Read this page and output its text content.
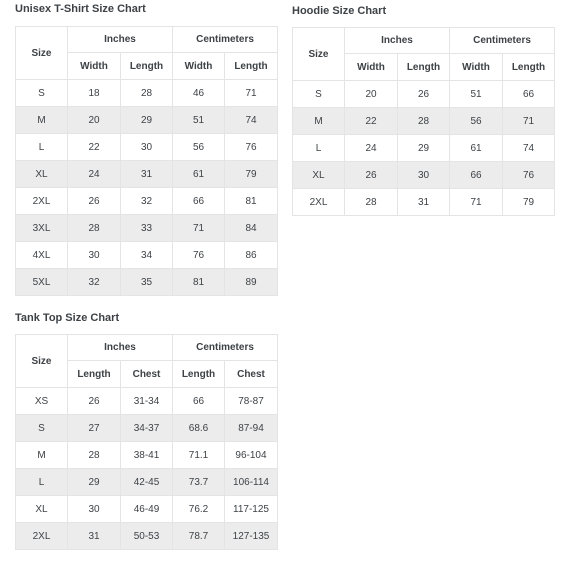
Unisex T-Shirt Size Chart
Size	Inches		Centimeters	
	Width	Length	Width	Length
S	18	28	46	71
M	20	29	51	74
L	22	30	56	76
XL	24	31	61	79
2XL	26	32	66	81
3XL	28	33	71	84
4XL	30	34	76	86
5XL	32	35	81	89
Hoodie Size Chart
Size	Inches		Centimeters	
	Width	Length	Width	Length
S	20	26	51	66
M	22	28	56	71
L	24	29	61	74
XL	26	30	66	76
2XL	28	31	71	79
Tank Top Size Chart
Size	Inches		Centimeters	
	Length	Chest	Length	Chest
XS	26	31-34	66	78-87
S	27	34-37	68.6	87-94
M	28	38-41	71.1	96-104
L	29	42-45	73.7	106-114
XL	30	46-49	76.2	117-125
2XL	31	50-53	78.7	127-135
